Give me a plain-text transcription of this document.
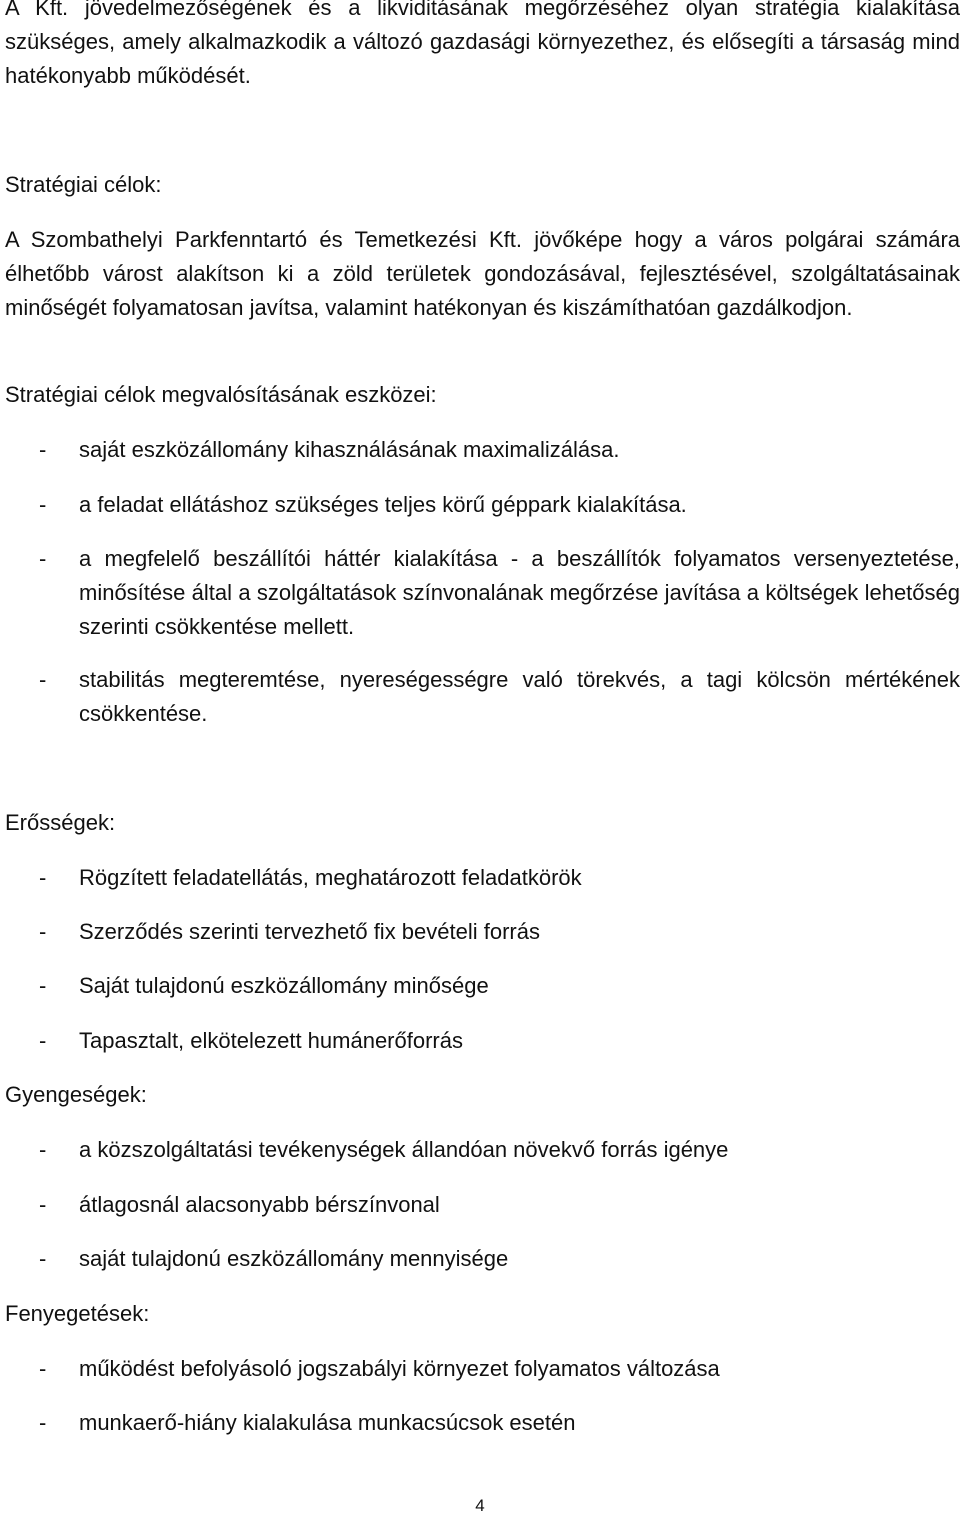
A Kft. jövedelmezőségének és a likviditásának megőrzéséhez olyan stratégia kialakítása szükséges, amely alkalmazkodik a változó gazdasági környezethez, és elősegíti a társaság mind hatékonyabb működését.

Stratégiai célok:

A Szombathelyi Parkfenntartó és Temetkezési Kft. jövőképe hogy a város polgárai számára élhetőbb várost alakítson ki a zöld területek gondozásával, fejlesztésével, szolgáltatásainak minőségét folyamatosan javítsa, valamint hatékonyan és kiszámíthatóan gazdálkodjon.

Stratégiai célok megvalósításának eszközei:

- saját eszközállomány kihasználásának maximalizálása.
- a feladat ellátáshoz szükséges teljes körű géppark kialakítása.
- a megfelelő beszállítói háttér kialakítása - a beszállítók folyamatos versenyeztetése, minősítése által a szolgáltatások színvonalának megőrzése javítása a költségek lehetőség szerinti csökkentése mellett.
- stabilitás megteremtése, nyereségességre való törekvés, a tagi kölcsön mértékének csökkentése.

Erősségek:

- Rögzített feladatellátás, meghatározott feladatkörök
- Szerződés szerinti tervezhető fix bevételi forrás
- Saját tulajdonú eszközállomány minősége
- Tapasztalt, elkötelezett humánerőforrás

Gyengeségek:

- a közszolgáltatási tevékenységek állandóan növekvő forrás igénye
- átlagosnál alacsonyabb bérszínvonal
- saját tulajdonú eszközállomány mennyisége

Fenyegetések:

- működést befolyásoló jogszabályi környezet folyamatos változása
- munkaerő-hiány kialakulása munkacsúcsok esetén
4
